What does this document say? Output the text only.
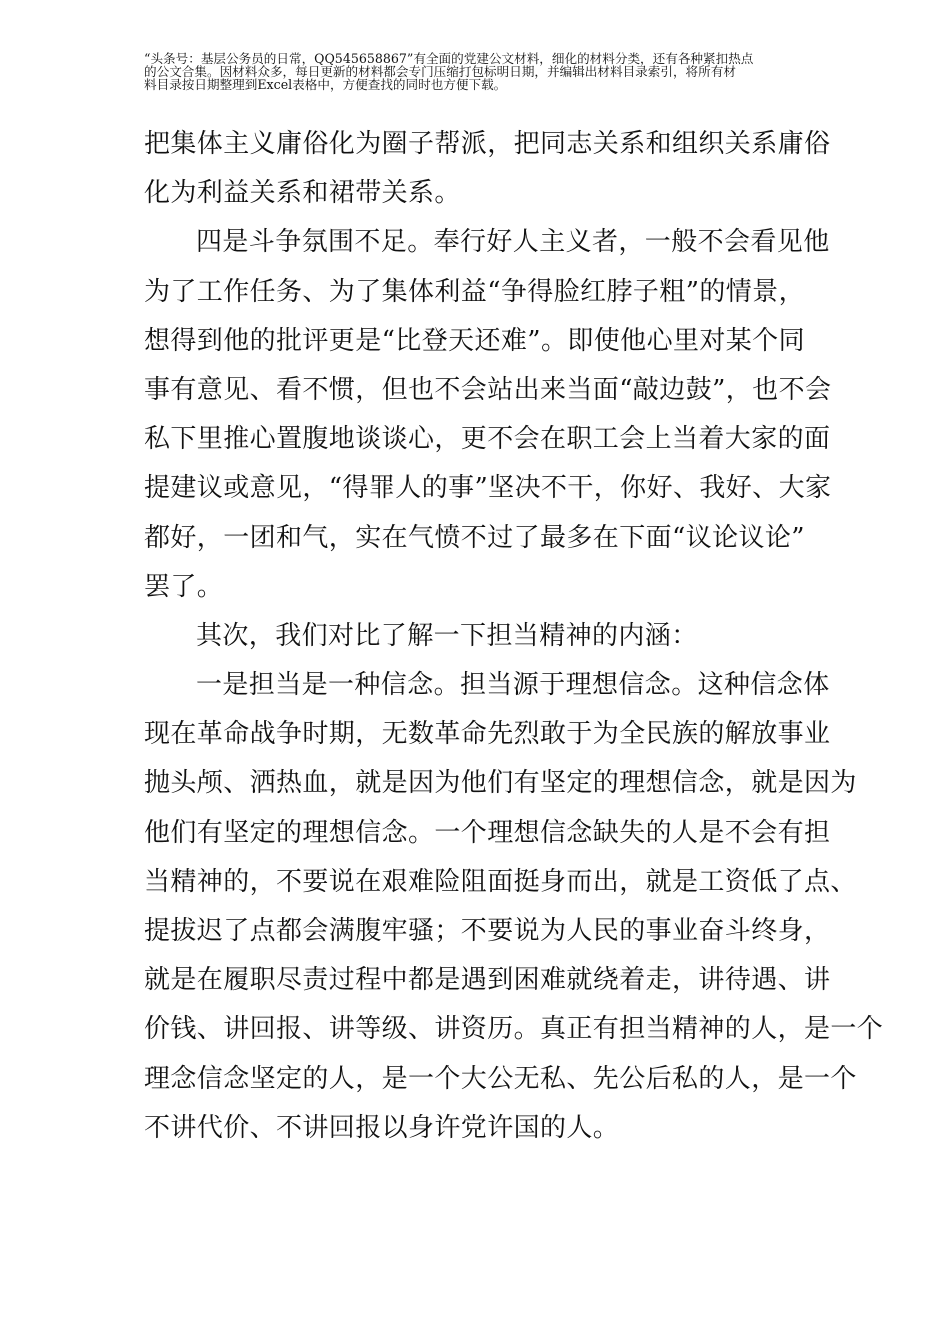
“头条号：基层公务员的日常，QQ545658867”有全面的党建公文材料，细化的材料分类，还有各种紧扣热点
的公文合集。因材料众多，每日更新的材料都会专门压缩打包标明日期，并编辑出材料目录索引，将所有材
料目录按日期整理到Excel表格中，方便查找的同时也方便下载。
把集体主义庸俗化为圈子帮派，把同志关系和组织关系庸俗
化为利益关系和裙带关系。
四是斗争氛围不足。奉行好人主义者，一般不会看见他
为了工作任务、为了集体利益“争得脸红脖子粗”的情景，
想得到他的批评更是“比登天还难”。即使他心里对某个同
事有意见、看不惯，但也不会站出来当面“敲边鼓”，也不会
私下里推心置腹地谈谈心，更不会在职工会上当着大家的面
提建议或意见，“得罪人的事”坚决不干，你好、我好、大家
都好，一团和气，实在气愤不过了最多在下面“议论议论”
罢了。
其次，我们对比了解一下担当精神的内涵：
一是担当是一种信念。担当源于理想信念。这种信念体
现在革命战争时期，无数革命先烈敢于为全民族的解放事业
抛头颅、洒热血，就是因为他们有坚定的理想信念，就是因为
他们有坚定的理想信念。一个理想信念缺失的人是不会有担
当精神的，不要说在艰难险阻面挺身而出，就是工资低了点、
提拔迟了点都会满腹牢骚；不要说为人民的事业奋斗终身，
就是在履职尽责过程中都是遇到困难就绕着走，讲待遇、讲
价钱、讲回报、讲等级、讲资历。真正有担当精神的人，是一个
理念信念坚定的人，是一个大公无私、先公后私的人，是一个
不讲代价、不讲回报以身许党许国的人。
